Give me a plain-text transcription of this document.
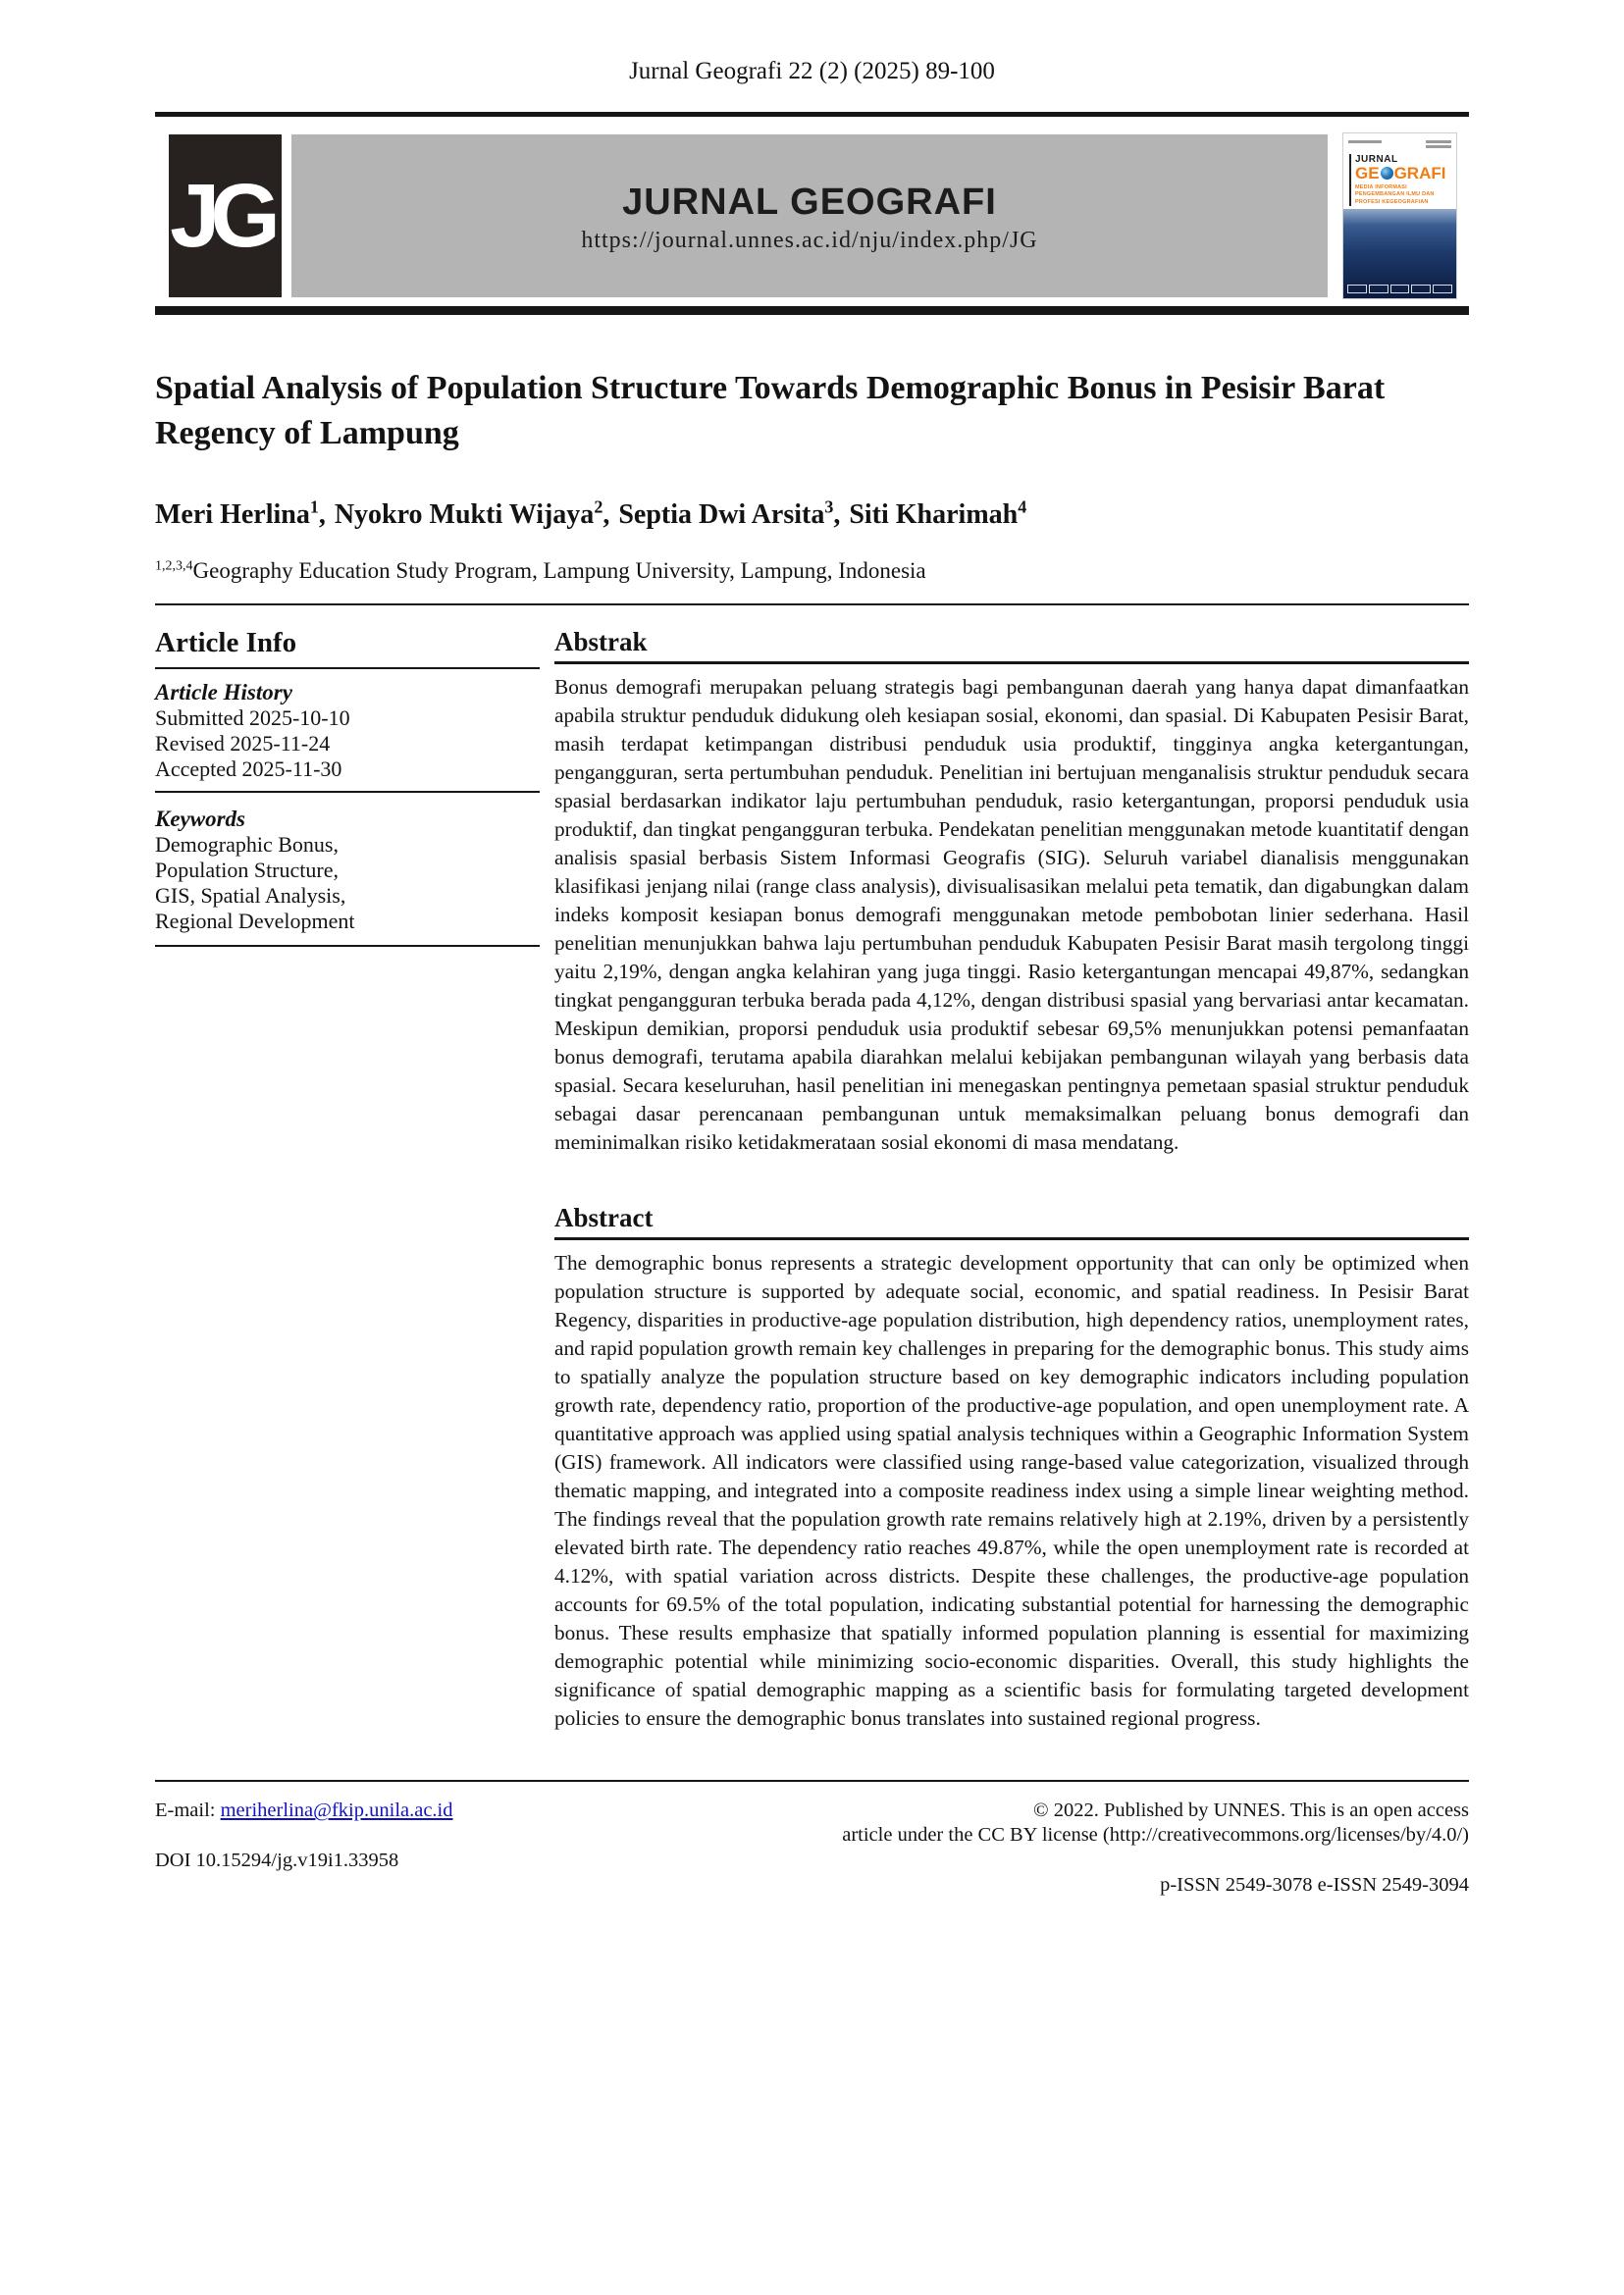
Jurnal Geografi 22 (2) (2025) 89-100
JG	JURNAL GEOGRAFI
https://journal.unnes.ac.id/nju/index.php/JG
JURNAL
GE GRAFI
MEDIA INFORMASI PENGEMBANGAN ILMU DAN PROFESI KEGEOGRAFIAN
Spatial Analysis of Population Structure Towards Demographic Bonus in Pesisir Barat Regency of Lampung
Meri Herlina$^1$, Nyokro Mukti Wijaya$^2$, Septia Dwi Arsita$^3$, Siti Kharimah$^4$
$^{1,2,3,4}$Geography Education Study Program, Lampung University, Lampung, Indonesia
Article Info
Article History
Submitted 2025-10-10
Revised 2025-11-24
Accepted 2025-11-30
Keywords
Demographic Bonus,
Population Structure,
GIS, Spatial Analysis,
Regional Development
Abstrak

Bonus demografi merupakan peluang strategis bagi pembangunan daerah yang hanya dapat dimanfaatkan apabila struktur penduduk didukung oleh kesiapan sosial, ekonomi, dan spasial. Di Kabupaten Pesisir Barat, masih terdapat ketimpangan distribusi penduduk usia produktif, tingginya angka ketergantungan, pengangguran, serta pertumbuhan penduduk. Penelitian ini bertujuan menganalisis struktur penduduk secara spasial berdasarkan indikator laju pertumbuhan penduduk, rasio ketergantungan, proporsi penduduk usia produktif, dan tingkat pengangguran terbuka. Pendekatan penelitian menggunakan metode kuantitatif dengan analisis spasial berbasis Sistem Informasi Geografis (SIG). Seluruh variabel dianalisis menggunakan klasifikasi jenjang nilai (range class analysis), divisualisasikan melalui peta tematik, dan digabungkan dalam indeks komposit kesiapan bonus demografi menggunakan metode pembobotan linier sederhana. Hasil penelitian menunjukkan bahwa laju pertumbuhan penduduk Kabupaten Pesisir Barat masih tergolong tinggi yaitu 2,19%, dengan angka kelahiran yang juga tinggi. Rasio ketergantungan mencapai 49,87%, sedangkan tingkat pengangguran terbuka berada pada 4,12%, dengan distribusi spasial yang bervariasi antar kecamatan. Meskipun demikian, proporsi penduduk usia produktif sebesar 69,5% menunjukkan potensi pemanfaatan bonus demografi, terutama apabila diarahkan melalui kebijakan pembangunan wilayah yang berbasis data spasial. Secara keseluruhan, hasil penelitian ini menegaskan pentingnya pemetaan spasial struktur penduduk sebagai dasar perencanaan pembangunan untuk memaksimalkan peluang bonus demografi dan meminimalkan risiko ketidakmerataan sosial ekonomi di masa mendatang.

Abstract

The demographic bonus represents a strategic development opportunity that can only be optimized when population structure is supported by adequate social, economic, and spatial readiness. In Pesisir Barat Regency, disparities in productive-age population distribution, high dependency ratios, unemployment rates, and rapid population growth remain key challenges in preparing for the demographic bonus. This study aims to spatially analyze the population structure based on key demographic indicators including population growth rate, dependency ratio, proportion of the productive-age population, and open unemployment rate. A quantitative approach was applied using spatial analysis techniques within a Geographic Information System (GIS) framework. All indicators were classified using range-based value categorization, visualized through thematic mapping, and integrated into a composite readiness index using a simple linear weighting method. The findings reveal that the population growth rate remains relatively high at 2.19%, driven by a persistently elevated birth rate. The dependency ratio reaches 49.87%, while the open unemployment rate is recorded at 4.12%, with spatial variation across districts. Despite these challenges, the productive-age population accounts for 69.5% of the total population, indicating substantial potential for harnessing the demographic bonus. These results emphasize that spatially informed population planning is essential for maximizing demographic potential while minimizing socio-economic disparities. Overall, this study highlights the significance of spatial demographic mapping as a scientific basis for formulating targeted development policies to ensure the demographic bonus translates into sustained regional progress.

E-mail: meriherlina@fkip.unila.ac.id
DOI 10.15294/jg.v19i1.33958
© 2022. Published by UNNES. This is an open access
article under the CC BY license (http://creativecommons.org/licenses/by/4.0/)
p-ISSN 2549-3078 e-ISSN 2549-3094
